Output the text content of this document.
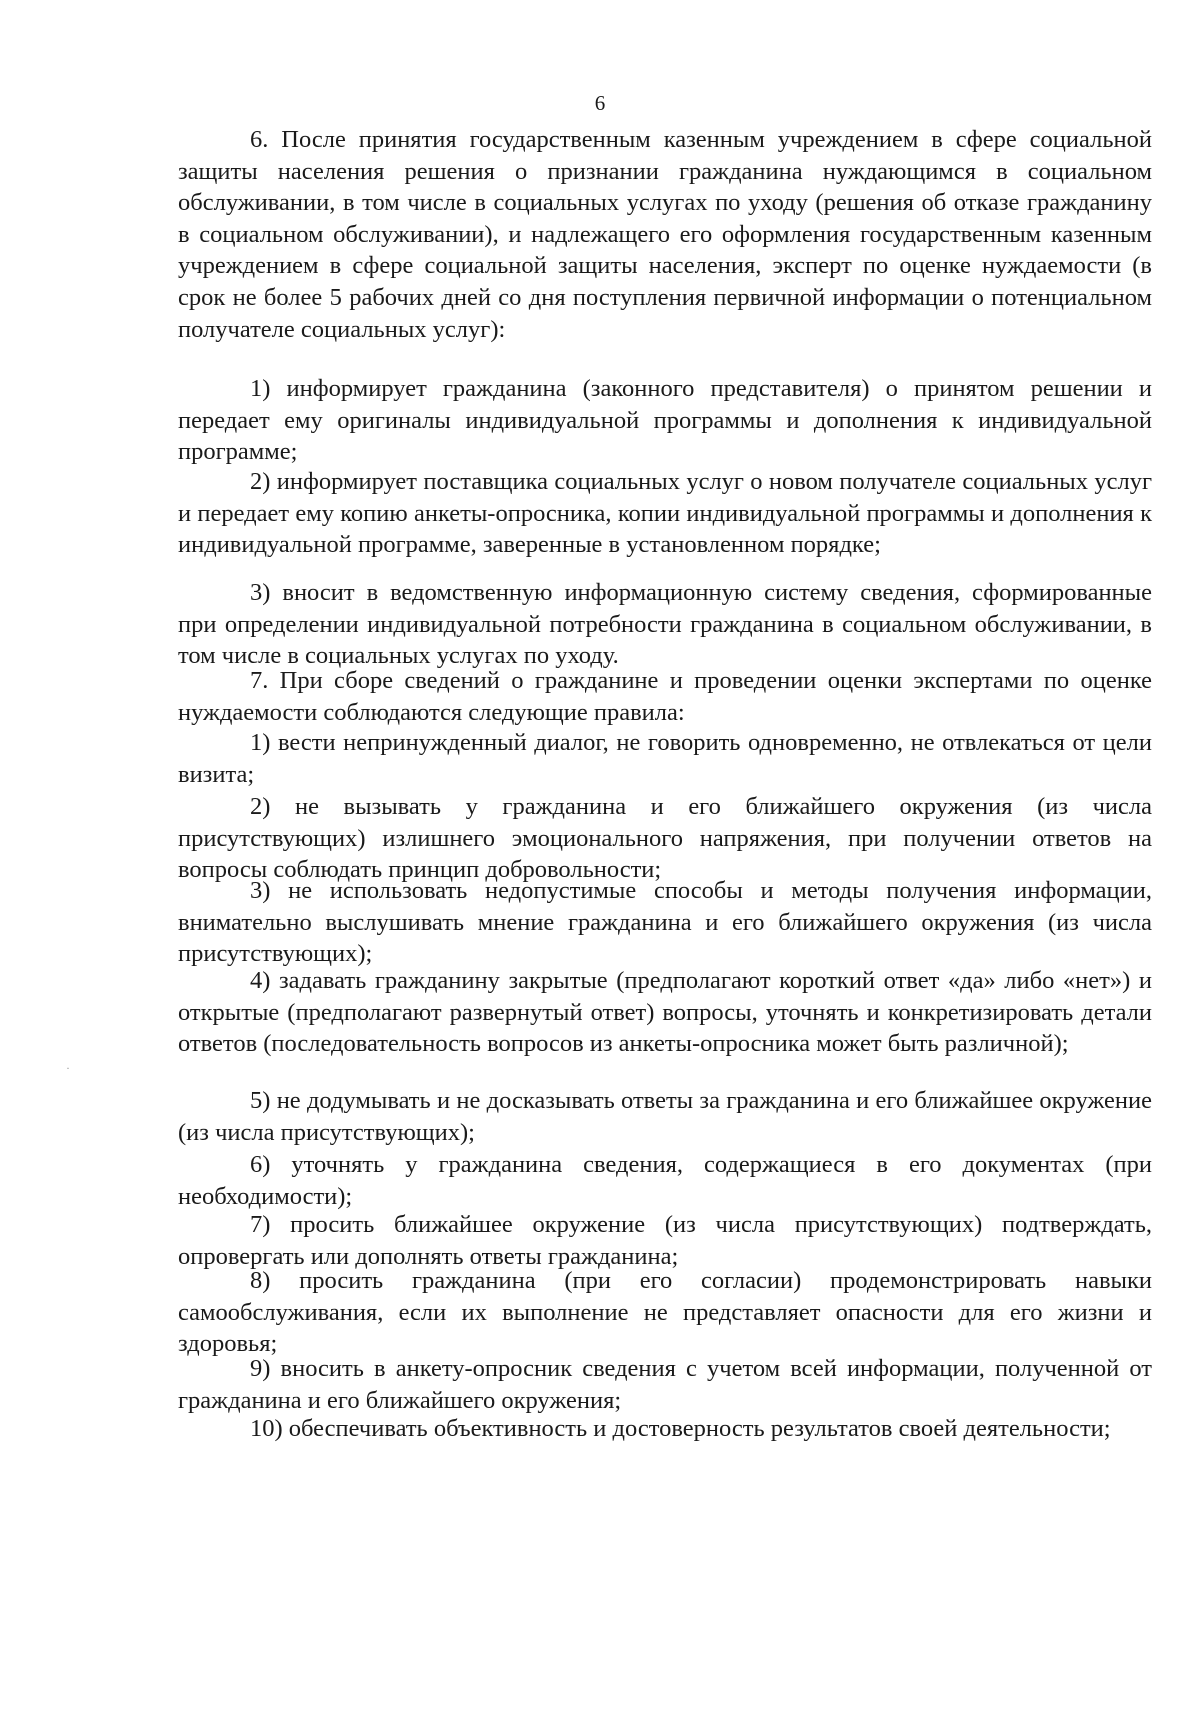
6

6. После принятия государственным казенным учреждением в сфере социальной защиты населения решения о признании гражданина нуждающимся в социальном обслуживании, в том числе в социальных услугах по уходу (решения об отказе гражданину в социальном обслуживании), и надлежащего его оформления государственным казенным учреждением в сфере социальной защиты населения, эксперт по оценке нуждаемости (в срок не более 5 рабочих дней со дня поступления первичной информации о потенциальном получателе социальных услуг):

1) информирует гражданина (законного представителя) о принятом решении и передает ему оригиналы индивидуальной программы и дополнения к индивидуальной программе;

2) информирует поставщика социальных услуг о новом получателе социальных услуг и передает ему копию анкеты-опросника, копии индивидуальной программы и дополнения к индивидуальной программе, заверенные в установленном порядке;

3) вносит в ведомственную информационную систему сведения, сформированные при определении индивидуальной потребности гражданина в социальном обслуживании, в том числе в социальных услугах по уходу.

7. При сборе сведений о гражданине и проведении оценки экспертами по оценке нуждаемости соблюдаются следующие правила:

1) вести непринужденный диалог, не говорить одновременно, не отвлекаться от цели визита;

2) не вызывать у гражданина и его ближайшего окружения (из числа присутствующих) излишнего эмоционального напряжения, при получении ответов на вопросы соблюдать принцип добровольности;

3) не использовать недопустимые способы и методы получения информации, внимательно выслушивать мнение гражданина и его ближайшего окружения (из числа присутствующих);

4) задавать гражданину закрытые (предполагают короткий ответ «да» либо «нет») и открытые (предполагают развернутый ответ) вопросы, уточнять и конкретизировать детали ответов (последовательность вопросов из анкеты-опросника может быть различной);

5) не додумывать и не досказывать ответы за гражданина и его ближайшее окружение (из числа присутствующих);

6) уточнять у гражданина сведения, содержащиеся в его документах (при необходимости);

7) просить ближайшее окружение (из числа присутствующих) подтверждать, опровергать или дополнять ответы гражданина;

8) просить гражданина (при его согласии) продемонстрировать навыки самообслуживания, если их выполнение не представляет опасности для его жизни и здоровья;

9) вносить в анкету-опросник сведения с учетом всей информации, полученной от гражданина и его ближайшего окружения;

10) обеспечивать объективность и достоверность результатов своей деятельности;

·
